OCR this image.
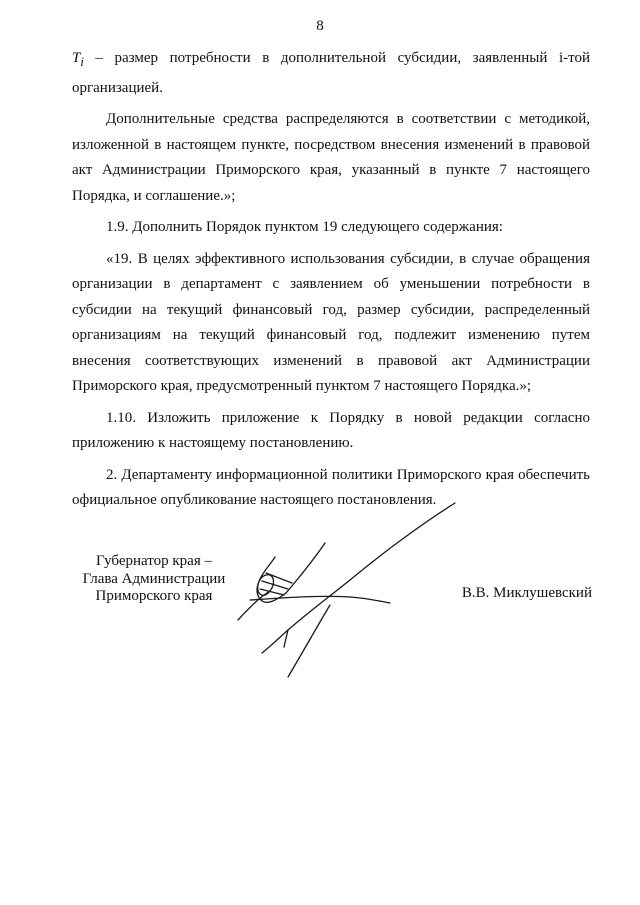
8

$T_i$ – размер потребности в дополнительной субсидии, заявленный i-той организацией.

Дополнительные средства распределяются в соответствии с методикой, изложенной в настоящем пункте, посредством внесения изменений в правовой акт Администрации Приморского края, указанный в пункте 7 настоящего Порядка, и соглашение.»;

1.9. Дополнить Порядок пунктом 19 следующего содержания:

«19. В целях эффективного использования субсидии, в случае обращения организации в департамент с заявлением об уменьшении потребности в субсидии на текущий финансовый год, размер субсидии, распределенный организациям на текущий финансовый год, подлежит изменению путем внесения соответствующих изменений в правовой акт Администрации Приморского края, предусмотренный пунктом 7 настоящего Порядка.»;

1.10. Изложить приложение к Порядку в новой редакции согласно приложению к настоящему постановлению.

2. Департаменту информационной политики Приморского края обеспечить официальное опубликование настоящего постановления.

Губернатор края –
Глава Администрации
Приморского края	В.В. Миклушевский
